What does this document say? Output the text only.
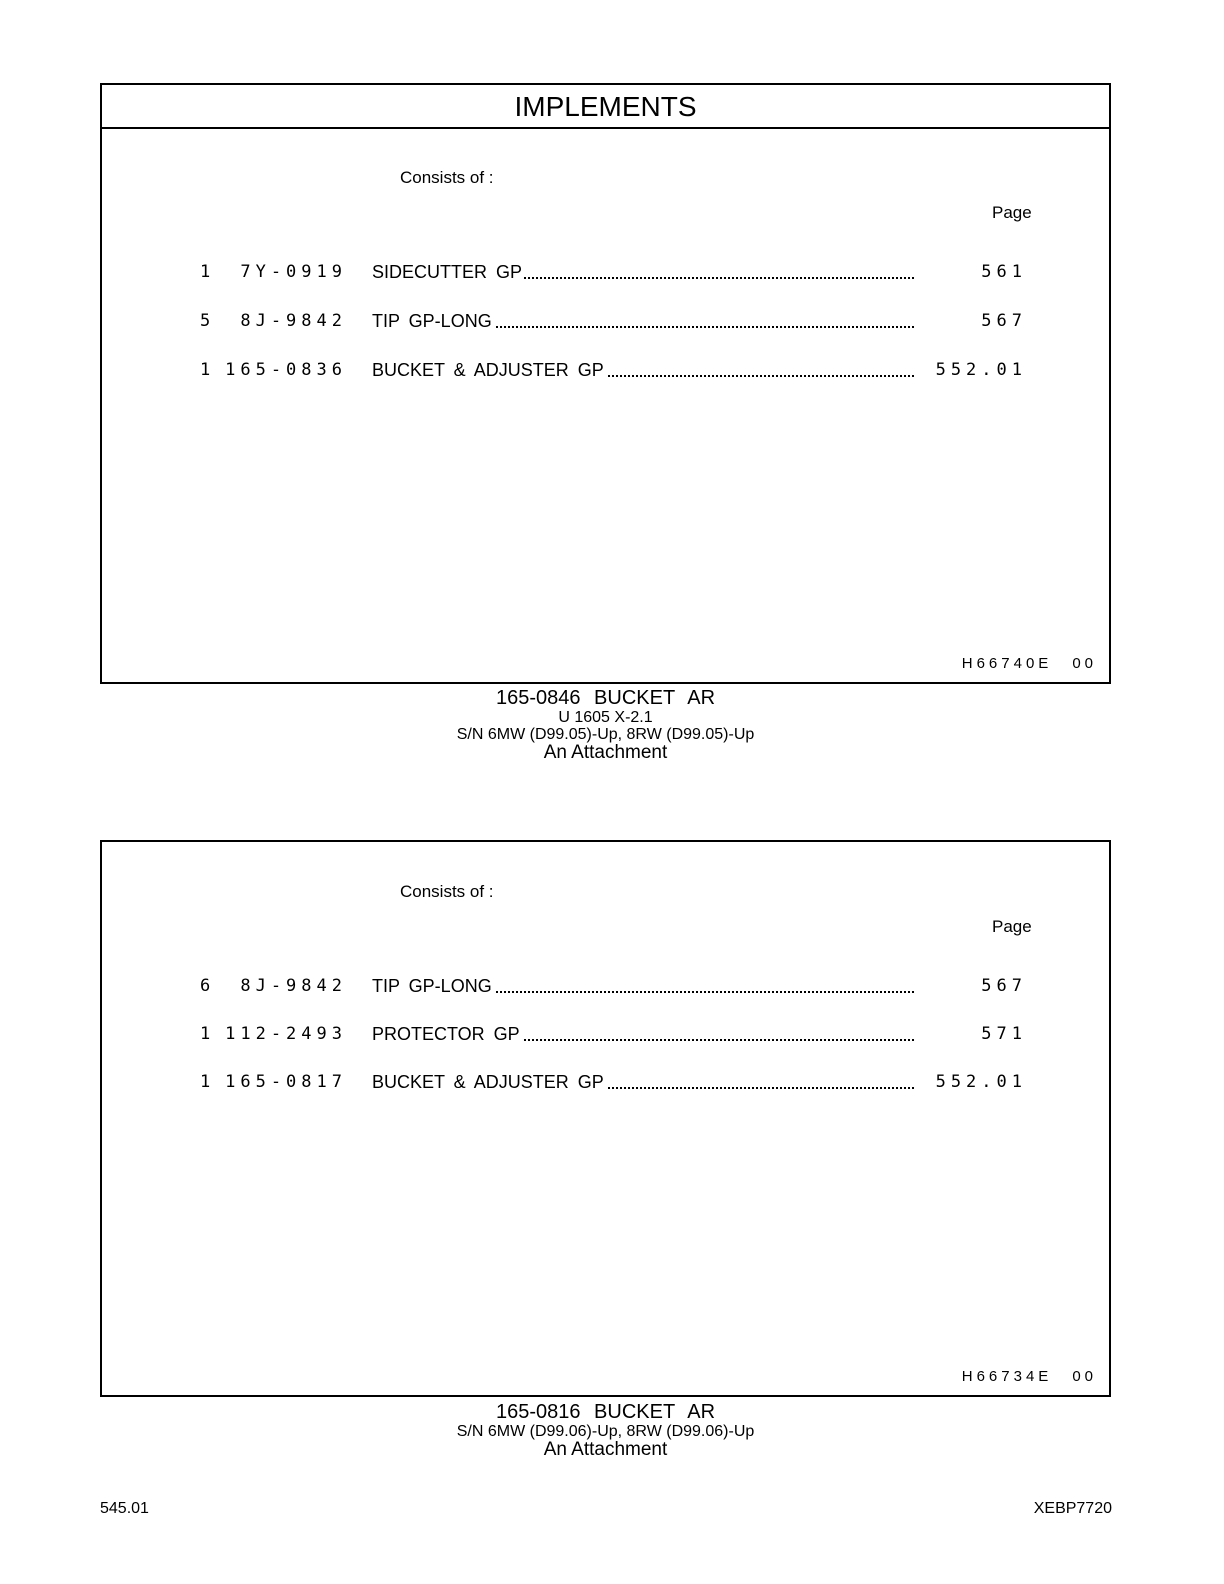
IMPLEMENTS
Consists of :
Page
1 7Y-0919 SIDECUTTER GP	561
5 8J-9842 TIP GP-LONG	567
1 165-0836 BUCKET & ADJUSTER GP	552.01
H66740E 00
165-0846 BUCKET AR
U 1605 X-2.1
S/N 6MW (D99.05)-Up, 8RW (D99.05)-Up
An Attachment
Consists of :
Page
6 8J-9842 TIP GP-LONG	567
1 112-2493 PROTECTOR GP	571
1 165-0817 BUCKET & ADJUSTER GP	552.01
H66734E 00
165-0816 BUCKET AR
S/N 6MW (D99.06)-Up, 8RW (D99.06)-Up
An Attachment
545.01	XEBP7720
